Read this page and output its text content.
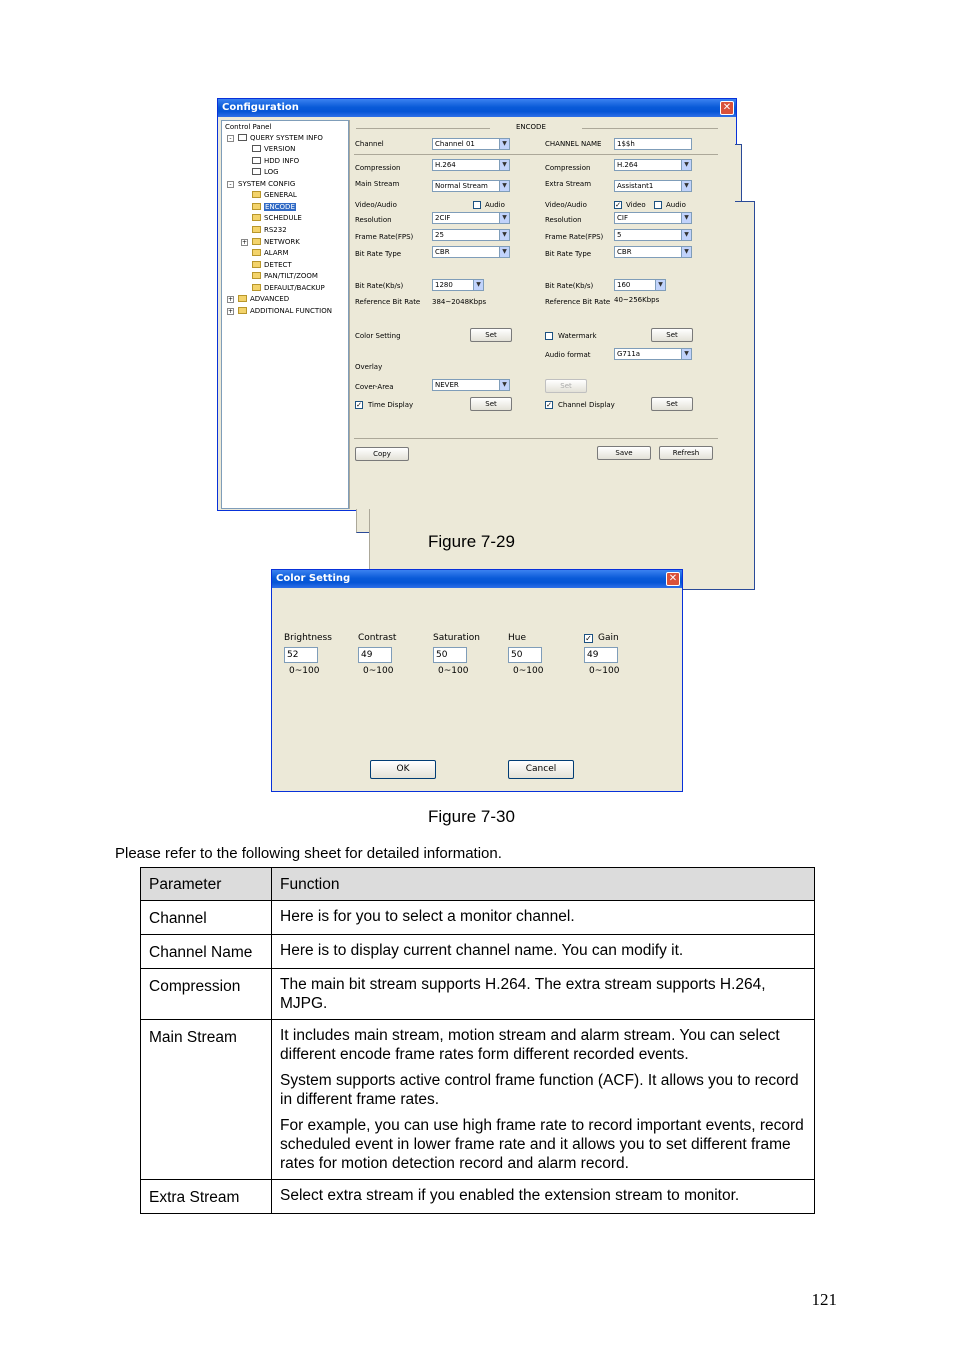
Configuration	✕
Control Panel
-	QUERY SYSTEM INFO
VERSION
HDD INFO
LOG
- SYSTEM CONFIG
GENERAL
ENCODE
SCHEDULE
RS232
+	NETWORK
ALARM
DETECT
PAN/TILT/ZOOM
DEFAULT/BACKUP
+	ADVANCED
+	ADDITIONAL FUNCTION
ENCODE
Channel	Channel 01	▼	CHANNEL NAME	1$$h
Compression	H.264	▼
Main Stream	Normal Stream	▼
Video/Audio	Audio
Resolution	2CIF	▼
Frame Rate(FPS)	25	▼
Bit Rate Type	CBR	▼
Bit Rate(Kb/s)	1280	▼
Reference Bit Rate 384~2048Kbps
Compression	H.264	▼
Extra Stream	Assistant1	▼
Video/Audio	✓ Video	Audio
Resolution	CIF	▼
Frame Rate(FPS)	5	▼
Bit Rate Type	CBR	▼
Bit Rate(Kb/s)	160	▼
Reference Bit Rate 40~256Kbps
Color Setting	Set	Watermark	Set
Audio format	G711a	▼
Overlay
Cover-Area	NEVER	▼	Set
✓ Time Display	Set	✓ Channel Display	Set
Copy	Save	Refresh
Figure 7-29
Color Setting	✕
Brightness
52
0~100
Contrast
49
0~100
Saturation
50
0~100
Hue
50
0~100
✓ Gain
49
0~100
OK	Cancel
Figure 7-30
Please refer to the following sheet for detailed information.
Parameter	Function
Channel	Here is for you to select a monitor channel.

Channel Name	Here is to display current channel name. You can modify it.

Compression	The main bit stream supports H.264. The extra stream supports H.264, MJPG.

Main Stream	It includes main stream, motion stream and alarm stream. You can select different encode frame rates form different recorded events.

System supports active control frame function (ACF). It allows you to record in different frame rates.

For example, you can use high frame rate to record important events, record scheduled event in lower frame rate and it allows you to set different frame rates for motion detection record and alarm record.

Extra Stream	Select extra stream if you enabled the extension stream to monitor.

121
